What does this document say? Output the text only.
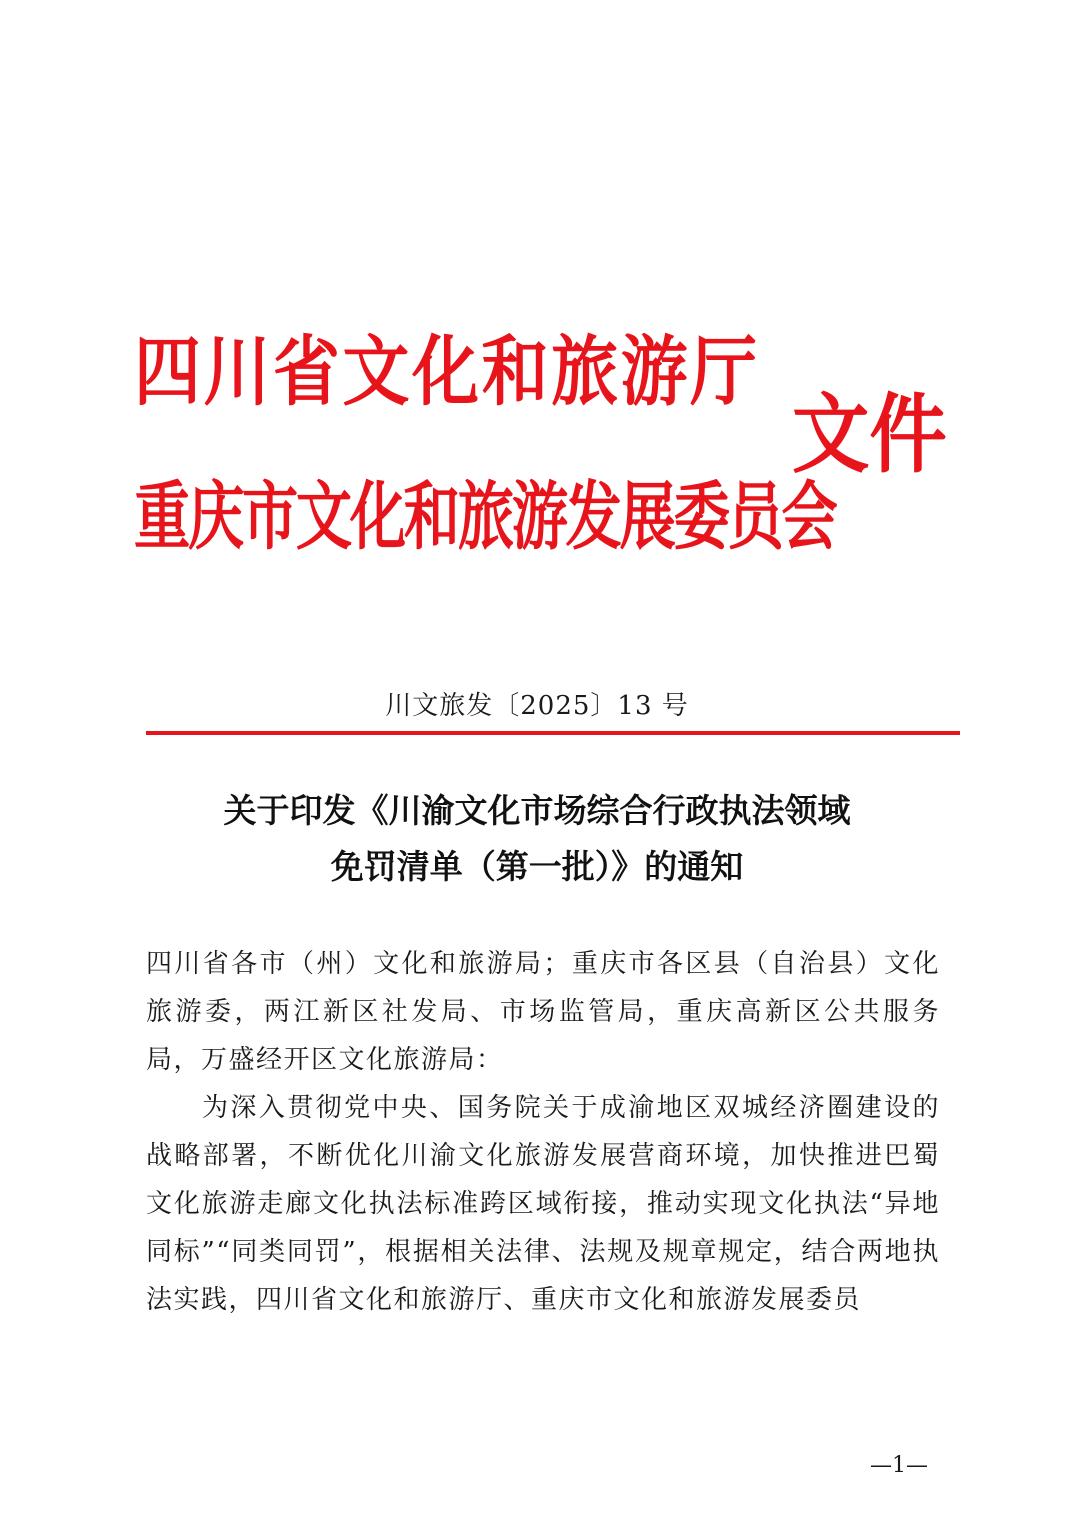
四川省文化和旅游厅
重庆市文化和旅游发展委员会
文件
川文旅发〔2025〕13 号
关于印发《川渝文化市场综合行政执法领域
免罚清单（第一批）》的通知

四川省各市（州）文化和旅游局；重庆市各区县（自治县）文化旅游委，两江新区社发局、市场监管局，重庆高新区公共服务局，万盛经开区文化旅游局：

为深入贯彻党中央、国务院关于成渝地区双城经济圈建设的战略部署，不断优化川渝文化旅游发展营商环境，加快推进巴蜀文化旅游走廊文化执法标准跨区域衔接，推动实现文化执法“异地同标”“同类同罚”，根据相关法律、法规及规章规定，结合两地执法实践，四川省文化和旅游厅、重庆市文化和旅游发展委员

—1—
